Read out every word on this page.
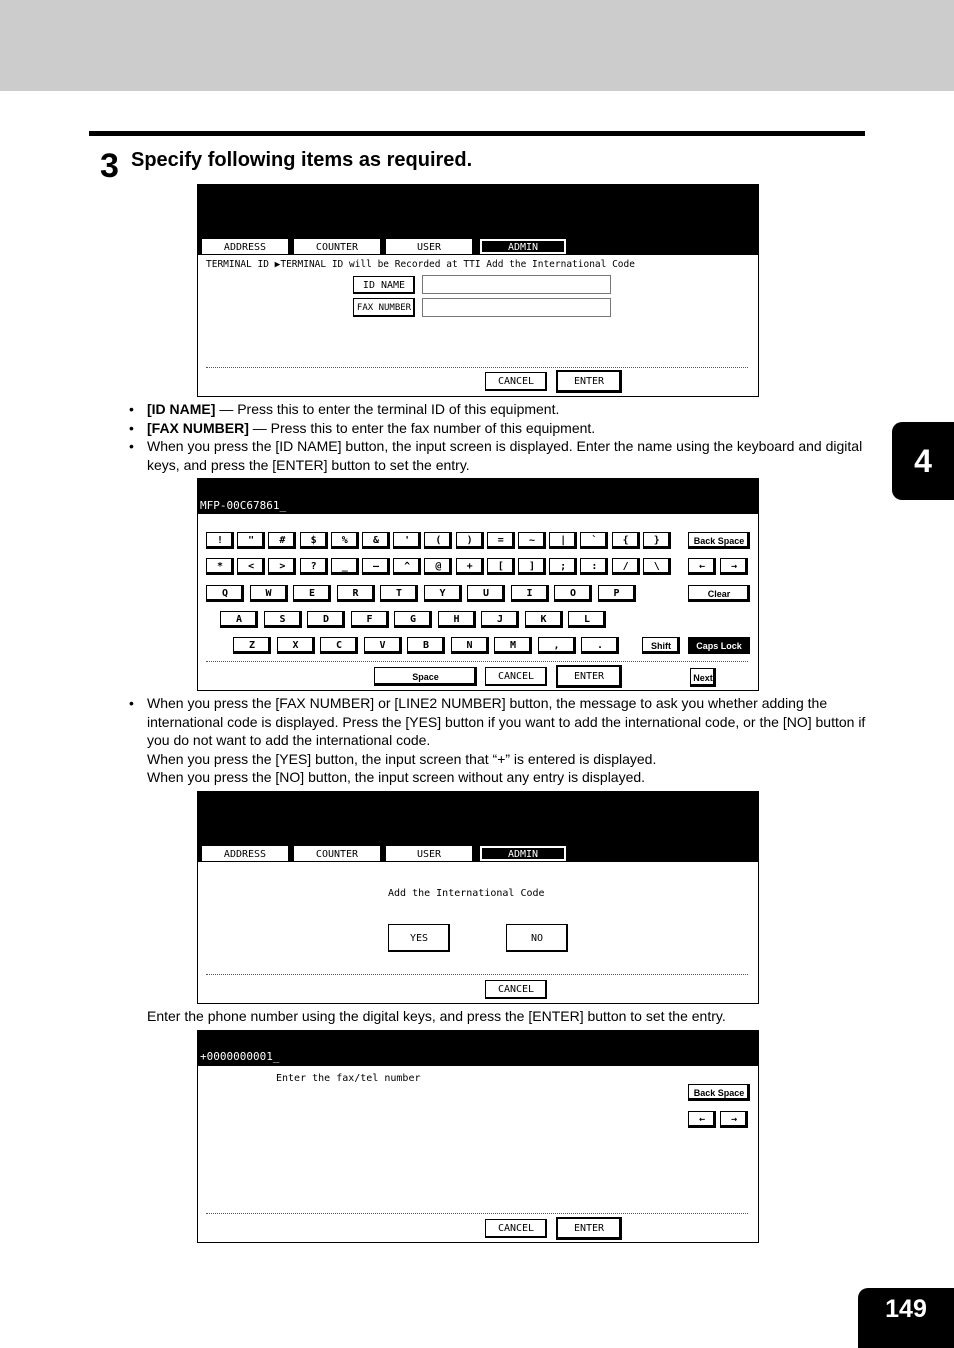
3 Specify following items as required.
4
ADDRESS	COUNTER	USER	ADMIN
TERMINAL ID ▶TERMINAL ID will be Recorded at TTI Add the International Code
ID NAME
FAX NUMBER
CANCEL	ENTER
• [ID NAME] — Press this to enter the terminal ID of this equipment.
• [FAX NUMBER] — Press this to enter the fax number of this equipment.
• When you press the [ID NAME] button, the input screen is displayed. Enter the name using the keyboard and digital keys, and press the [ENTER] button to set the entry.
MFP-00C67861_
Back Space
←	→
Clear
Shift	Caps Lock
Space	CANCEL	ENTER	Next
!	"	#	$	%	&	'	(	)	=	~	|	`	{	}
*	<	>	?	_	—	^	@	+	[	]	;	:	/	\
Q	W	E	R	T	Y	U	I	O	P
A	S	D	F	G	H	J	K	L
Z	X	C	V	B	N	M	,	.
• When you press the [FAX NUMBER] or [LINE2 NUMBER] button, the message to ask you whether adding the international code is displayed. Press the [YES] button if you want to add the international code, or the [NO] button if you do not want to add the international code.
When you press the [YES] button, the input screen that “+” is entered is displayed.
When you press the [NO] button, the input screen without any entry is displayed.
ADDRESS	COUNTER	USER	ADMIN
Add the International Code
YES	NO
CANCEL
Enter the phone number using the digital keys, and press the [ENTER] button to set the entry.
+0000000001_
Enter the fax/tel number
Back Space
←	→
CANCEL	ENTER
149
